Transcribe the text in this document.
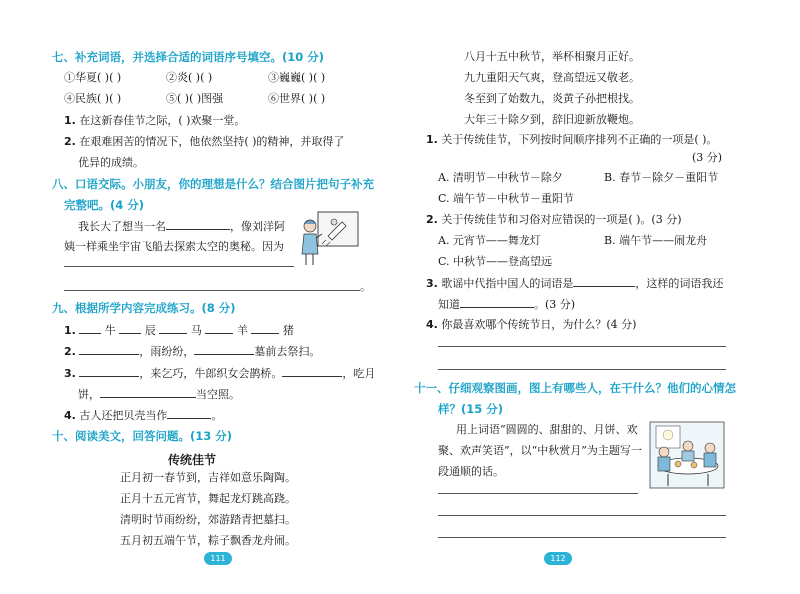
七、补充词语，并选择合适的词语序号填空。(10 分)
①华夏( )( )	②炎( )( )	③巍巍( )( )
④民族( )( )	⑤( )( )图强	⑥世界( )( )
1. 在这新春佳节之际，( )欢聚一堂。
2. 在艰难困苦的情况下，他依然坚持( )的精神，并取得了
优异的成绩。
八、口语交际。小朋友，你的理想是什么？结合图片把句子补充
完整吧。(4 分)
我长大了想当一名	，像刘洋阿
姨一样乘坐宇宙飞船去探索太空的奥秘。因为
。
九、根据所学内容完成练习。(8 分)
1.	牛	辰	马	羊	猪
2.	，雨纷纷，	墓前去祭扫。
3.	，来乞巧，牛郎织女会鹊桥。	，吃月
饼，	当空照。
4. 古人还把贝壳当作	。
十、阅读美文，回答问题。(13 分)
传统佳节
正月初一春节到，吉祥如意乐陶陶。
正月十五元宵节，舞起龙灯跳高跷。
清明时节雨纷纷，郊游踏青把墓扫。
五月初五端午节，粽子飘香龙舟闹。
111
八月十五中秋节，举杯相聚月正好。
九九重阳天气爽，登高望远又敬老。
冬至到了始数九，炎黄子孙把根找。
大年三十除夕到，辞旧迎新放鞭炮。
1. 关于传统佳节，下列按时间顺序排列不正确的一项是( )。
(3 分)
A. 清明节－中秋节－除夕	B. 春节－除夕－重阳节
C. 端午节－中秋节－重阳节
2. 关于传统佳节和习俗对应错误的一项是( )。(3 分)
A. 元宵节——舞龙灯	B. 端午节——闹龙舟
C. 中秋节——登高望远
3. 歌谣中代指中国人的词语是	，这样的词语我还
知道	。(3 分)
4. 你最喜欢哪个传统节日，为什么？(4 分)
十一、仔细观察图画，图上有哪些人，在干什么？他们的心情怎
样？(15 分)
用上词语“圆圆的、甜甜的、月饼、欢
聚、欢声笑语”，以“中秋赏月”为主题写一
段通顺的话。
112
